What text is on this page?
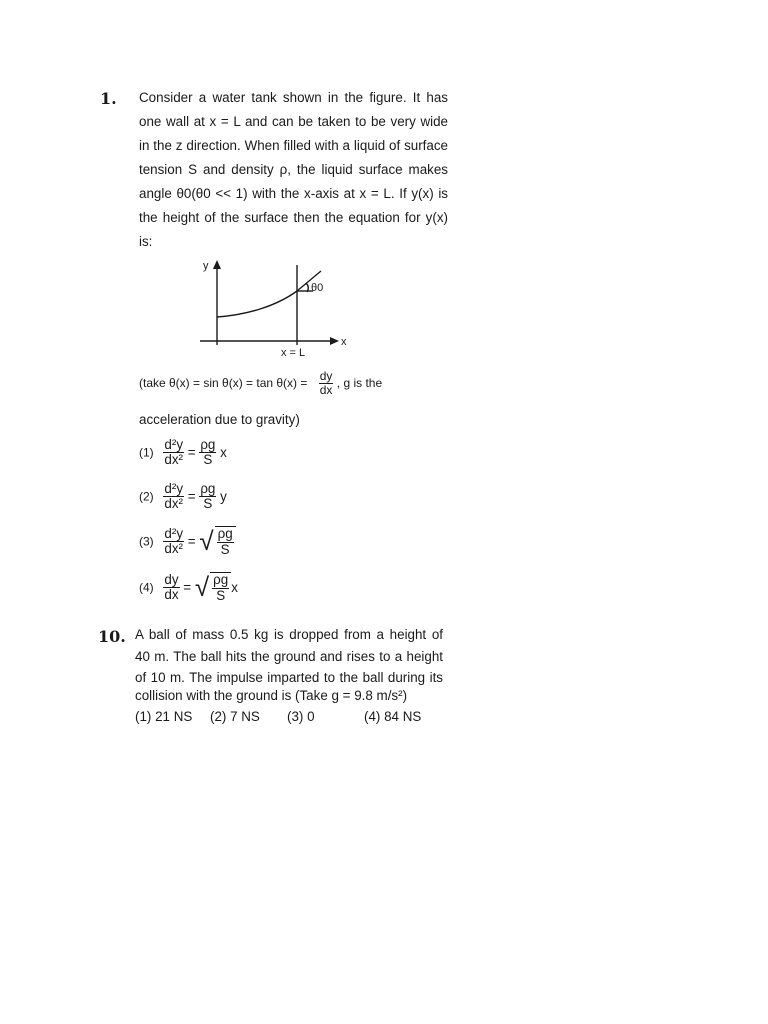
1. Consider a water tank shown in the figure. It has
one wall at x = L and can be taken to be very wide
in the z direction. When filled with a liquid of surface
tension S and density ρ, the liquid surface makes
angle θ0(θ0 << 1) with the x-axis at x = L. If y(x) is
the height of the surface then the equation for y(x)
is:
y
x
x = L
θ0
(take $\theta(x) = \sin \theta(x) = \tan \theta(x) = \frac{dy}{dx}$ , g is the
acceleration due to gravity)
$(1) \frac{\text{d²y}}{\text{dx²}} = \frac{\rho g}{S}$ x
$(2) \frac{\text{d²y}}{\text{dx²}} = \frac{\rho g}{S}$ y
$(3) \frac{\text{d²y}}{\text{dx²}}$ = √ $\frac{\rho g}{S}$
$(4) \frac{dy}{dx}$ = √ $\frac{\rho g}{S}$ x
10. A ball of mass 0.5 kg is dropped from a height of
40 m. The ball hits the ground and rises to a height
of 10 m. The impulse imparted to the ball during its
collision with the ground is (Take g = 9.8 m/s²)
(1) 21 NS (2) 7 NS (3) 0	(4) 84 NS
